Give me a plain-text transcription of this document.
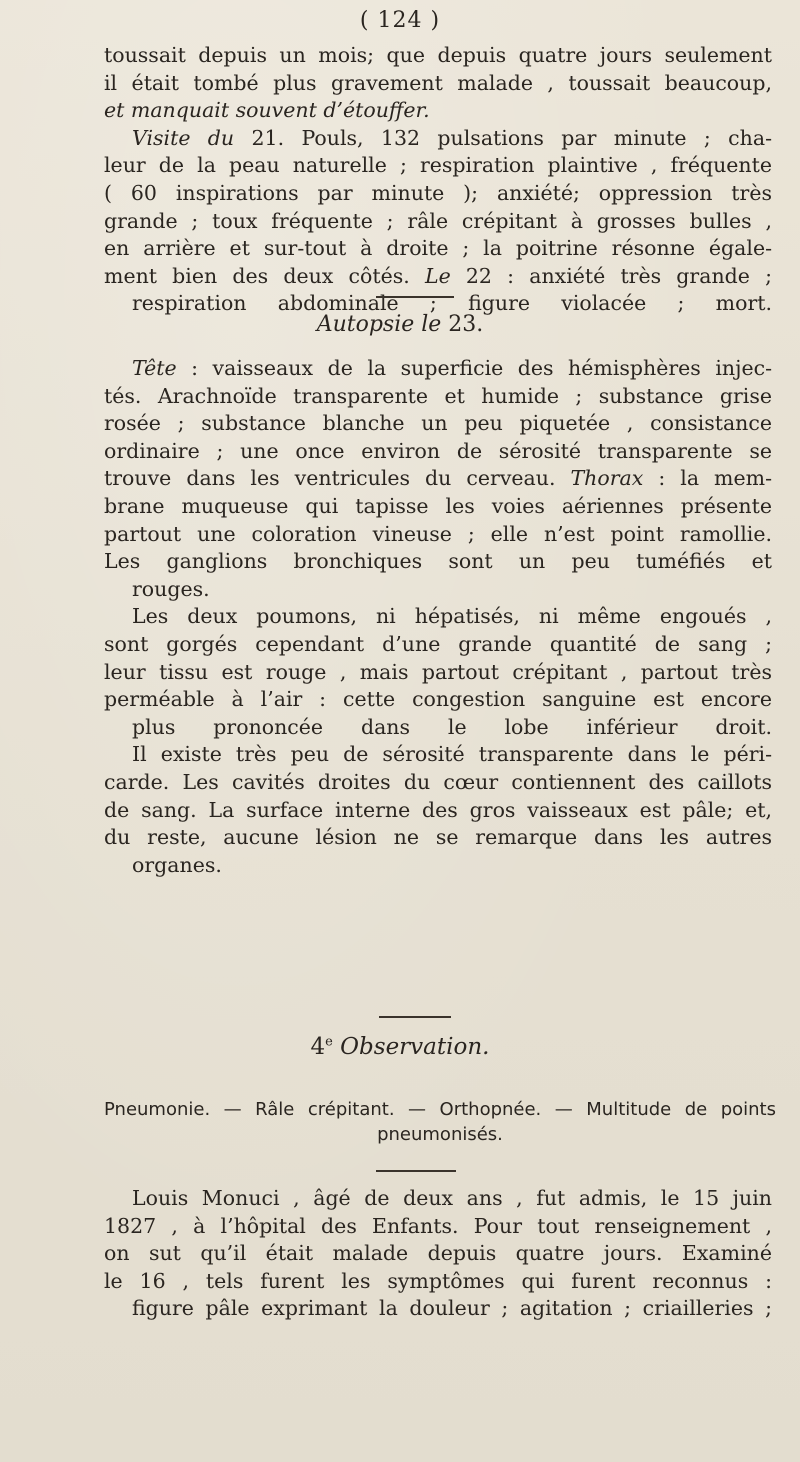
( 124 )

toussait depuis un mois; que depuis quatre jours seulement
il était tombé plus gravement malade , toussait beaucoup,

et manquait souvent d’étouffer.

Visite du 21. Pouls, 132 pulsations par minute ; cha-
leur de la peau naturelle ; respiration plaintive , fréquente
( 60 inspirations par minute ); anxiété; oppression très
grande ; toux fréquente ; râle crépitant à grosses bulles ,
en arrière et sur-tout à droite ; la poitrine résonne égale-
ment bien des deux côtés. Le 22 : anxiété très grande ;

respiration abdominale ; figure violacée ; mort.

Autopsie le 23.

Tête : vaisseaux de la superficie des hémisphères injec-
tés. Arachnoïde transparente et humide ; substance grise
rosée ; substance blanche un peu piquetée , consistance
ordinaire ; une once environ de sérosité transparente se
trouve dans les ventricules du cerveau. Thorax : la mem-
brane muqueuse qui tapisse les voies aériennes présente
partout une coloration vineuse ; elle n’est point ramollie.
Les ganglions bronchiques sont un peu tuméfiés et

rouges.

Les deux poumons, ni hépatisés, ni même engoués ,
sont gorgés cependant d’une grande quantité de sang ;
leur tissu est rouge , mais partout crépitant , partout très
perméable à l’air : cette congestion sanguine est encore

plus prononcée dans le lobe inférieur droit.

Il existe très peu de sérosité transparente dans le péri-
carde. Les cavités droites du cœur contiennent des caillots
de sang. La surface interne des gros vaisseaux est pâle; et,
du reste, aucune lésion ne se remarque dans les autres

organes.

4e Observation.
Pneumonie. — Râle crépitant. — Orthopnée. — Multitude de points
pneumonisés.

Louis Monuci , âgé de deux ans , fut admis, le 15 juin
1827 , à l’hôpital des Enfants. Pour tout renseignement ,
on sut qu’il était malade depuis quatre jours. Examiné
le 16 , tels furent les symptômes qui furent reconnus :

figure pâle exprimant la douleur ; agitation ; criailleries ;
